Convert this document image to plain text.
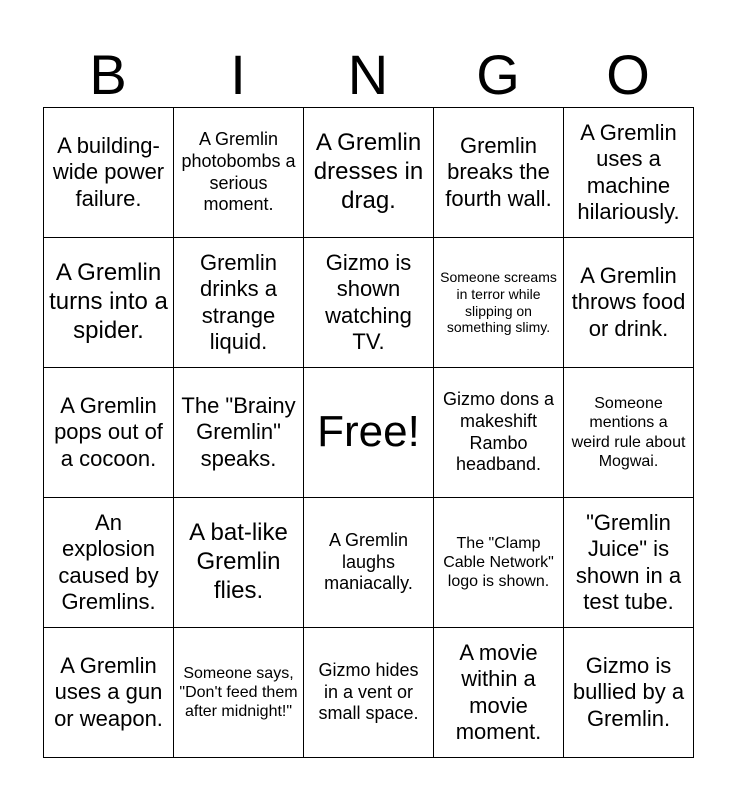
B	I	N	G	O
A building-wide power failure.	A Gremlin photobombs a serious moment.	A Gremlin dresses in drag.	Gremlin breaks the fourth wall.	A Gremlin uses a machine hilariously.
A Gremlin turns into a spider.	Gremlin drinks a strange liquid.	Gizmo is shown watching TV.	Someone screams in terror while slipping on something slimy.	A Gremlin throws food or drink.
A Gremlin pops out of a cocoon.	The "Brainy Gremlin" speaks.	Free!	Gizmo dons a makeshift Rambo headband.	Someone mentions a weird rule about Mogwai.
An explosion caused by Gremlins.	A bat-like Gremlin flies.	A Gremlin laughs maniacally.	The "Clamp Cable Network" logo is shown.	"Gremlin Juice" is shown in a test tube.
A Gremlin uses a gun or weapon.	Someone says, "Don't feed them after midnight!"	Gizmo hides in a vent or small space.	A movie within a movie moment.	Gizmo is bullied by a Gremlin.
